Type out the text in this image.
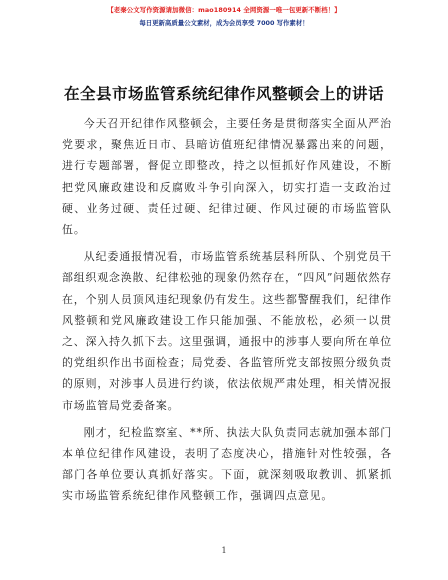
【老秦公文写作资源请加微信：mao180914 全网资源一唯一包更新不断档！】
每日更新高质量公文素材，成为会员享受 7000 写作素材！
在全县市场监管系统纪律作风整顿会上的讲话

今天召开纪律作风整顿会，主要任务是贯彻落实全面从严治党要求，聚焦近日市、县暗访值班纪律情况暴露出来的问题，进行专题部署，督促立即整改，持之以恒抓好作风建设，不断把党风廉政建设和反腐败斗争引向深入，切实打造一支政治过硬、业务过硬、责任过硬、纪律过硬、作风过硬的市场监管队伍。

从纪委通报情况看，市场监管系统基层科所队、个别党员干部组织观念涣散、纪律松弛的现象仍然存在，“四风”问题依然存在，个别人员顶风违纪现象仍有发生。这些都警醒我们，纪律作风整顿和党风廉政建设工作只能加强、不能放松，必须一以贯之、深入持久抓下去。这里强调，通报中的涉事人要向所在单位的党组织作出书面检查；局党委、各监管所党支部按照分级负责的原则，对涉事人员进行约谈，依法依规严肃处理，相关情况报市场监管局党委备案。

刚才，纪检监察室、**所、执法大队负责同志就加强本部门本单位纪律作风建设，表明了态度决心，措施针对性较强，各部门各单位要认真抓好落实。下面，就深刻吸取教训、抓紧抓实市场监管系统纪律作风整顿工作，强调四点意见。

1
